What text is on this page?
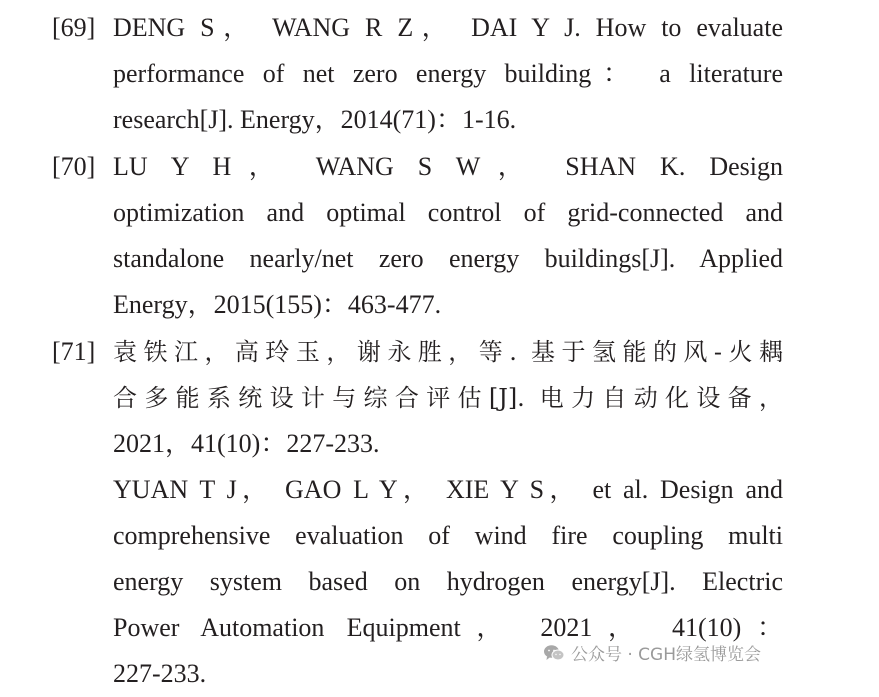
[69] DENG S， WANG R Z， DAI Y J. How to evaluate
performance of net zero energy building： a literature
research[J]. Energy，2014(71)：1-16.
[70] LU Y H， WANG S W， SHAN K. Design
optimization and optimal control of grid-connected and
standalone nearly/net zero energy buildings[J]. Applied
Energy，2015(155)：463-477.
[71] 袁铁江，高玲玉，谢永胜，等. 基于氢能的风-火耦
合多能系统设计与综合评估[J]. 电力自动化设备，
2021，41(10)：227-233.
YUAN T J， GAO L Y， XIE Y S， et al. Design and
comprehensive evaluation of wind fire coupling multi
energy system based on hydrogen energy[J]. Electric
Power Automation Equipment， 2021， 41(10)：
227-233.
公众号 · CGH绿氢博览会
